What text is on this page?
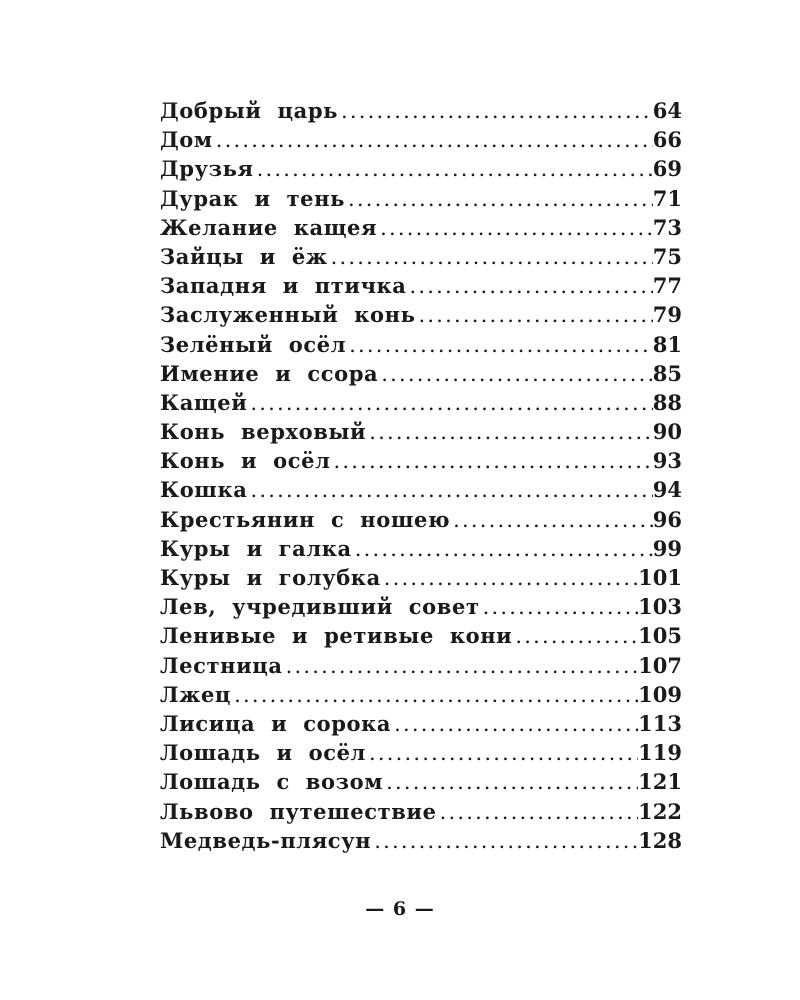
Добрый царь .....	64
Дом .....	66
Друзья .....	69
Дурак и тень .....	71
Желание кащея .....	73
Зайцы и ёж .....	75
Западня и птичка .....	77
Заслуженный конь .....	79
Зелёный осёл .....	81
Имение и ссора .....	85
Кащей .....	88
Конь верховый .....	90
Конь и осёл .....	93
Кошка .....	94
Крестьянин с ношею .....	96
Куры и галка .....	99
Куры и голубка .....	101
Лев, учредивший совет .....	103
Ленивые и ретивые кони .....	105
Лестница .....	107
Лжец .....	109
Лисица и сорока .....	113
Лошадь и осёл .....	119
Лошадь с возом .....	121
Львово путешествие .....	122
Медведь-плясун .....	128
— 6 —
